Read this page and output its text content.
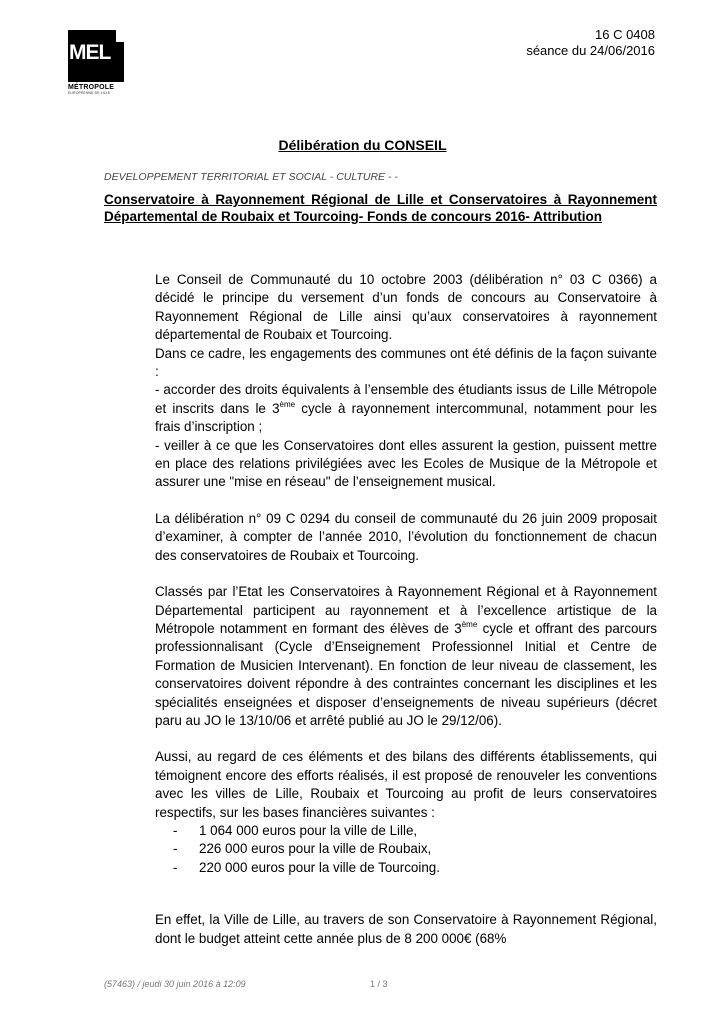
MEL
MÉTROPOLE
EUROPÉENNE DE LILLE
16 C 0408
séance du 24/06/2016
Délibération du CONSEIL
DEVELOPPEMENT TERRITORIAL ET SOCIAL - CULTURE - -
Conservatoire à Rayonnement Régional de Lille et Conservatoires à Rayonnement Départemental de Roubaix et Tourcoing- Fonds de concours 2016- Attribution

Le Conseil de Communauté du 10 octobre 2003 (délibération n° 03 C 0366) a décidé le principe du versement d’un fonds de concours au Conservatoire à Rayonnement Régional de Lille ainsi qu’aux conservatoires à rayonnement départemental de Roubaix et Tourcoing.

Dans ce cadre, les engagements des communes ont été définis de la façon suivante :

- accorder des droits équivalents à l’ensemble des étudiants issus de Lille Métropole et inscrits dans le 3ème cycle à rayonnement intercommunal, notamment pour les frais d’inscription ;

- veiller à ce que les Conservatoires dont elles assurent la gestion, puissent mettre en place des relations privilégiées avec les Ecoles de Musique de la Métropole et assurer une "mise en réseau" de l’enseignement musical.

La délibération n° 09 C 0294 du conseil de communauté du 26 juin 2009 proposait d’examiner, à compter de l’année 2010, l’évolution du fonctionnement de chacun des conservatoires de Roubaix et Tourcoing.

Classés par l’Etat les Conservatoires à Rayonnement Régional et à Rayonnement Départemental participent au rayonnement et à l’excellence artistique de la Métropole notamment en formant des élèves de 3ème cycle et offrant des parcours professionnalisant (Cycle d’Enseignement Professionnel Initial et Centre de Formation de Musicien Intervenant). En fonction de leur niveau de classement, les conservatoires doivent répondre à des contraintes concernant les disciplines et les spécialités enseignées et disposer d’enseignements de niveau supérieurs (décret paru au JO le 13/10/06 et arrêté publié au JO le 29/12/06).

Aussi, au regard de ces éléments et des bilans des différents établissements, qui témoignent encore des efforts réalisés, il est proposé de renouveler les conventions avec les villes de Lille, Roubaix et Tourcoing au profit de leurs conservatoires respectifs, sur les bases financières suivantes :

- 1 064 000 euros pour la ville de Lille,
- 226 000 euros pour la ville de Roubaix,
- 220 000 euros pour la ville de Tourcoing.

En effet, la Ville de Lille, au travers de son Conservatoire à Rayonnement Régional, dont le budget atteint cette année plus de 8 200 000€ (68%

(57463) / jeudi 30 juin 2016 à 12:09	1 / 3
